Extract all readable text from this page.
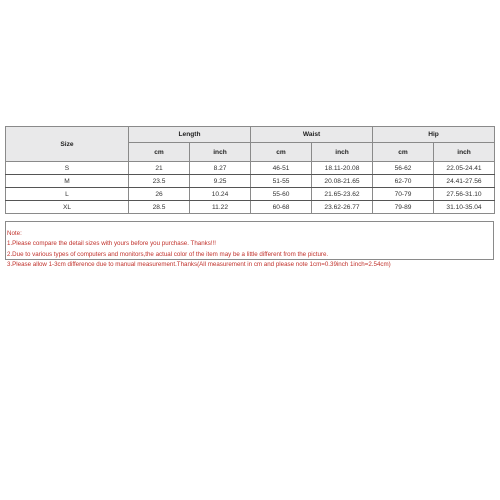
Size	Length		Waist		Hip	
	cm	inch	cm	inch	cm	inch
S	21	8.27	46-51	18.11-20.08	56-62	22.05-24.41
M	23.5	9.25	51-55	20.08-21.65	62-70	24.41-27.56
L	26	10.24	55-60	21.65-23.62	70-79	27.56-31.10
XL	28.5	11.22	60-68	23.62-26.77	79-89	31.10-35.04
Note:
1.Please compare the detail sizes with yours before you purchase. Thanks!!!
2.Due to various types of computers and monitors,the actual color of the item may be a little different from the picture.
3.Please allow 1-3cm difference due to manual measurement.Thanks(All measurement in cm and please note 1cm=0.39inch 1inch=2.54cm)
